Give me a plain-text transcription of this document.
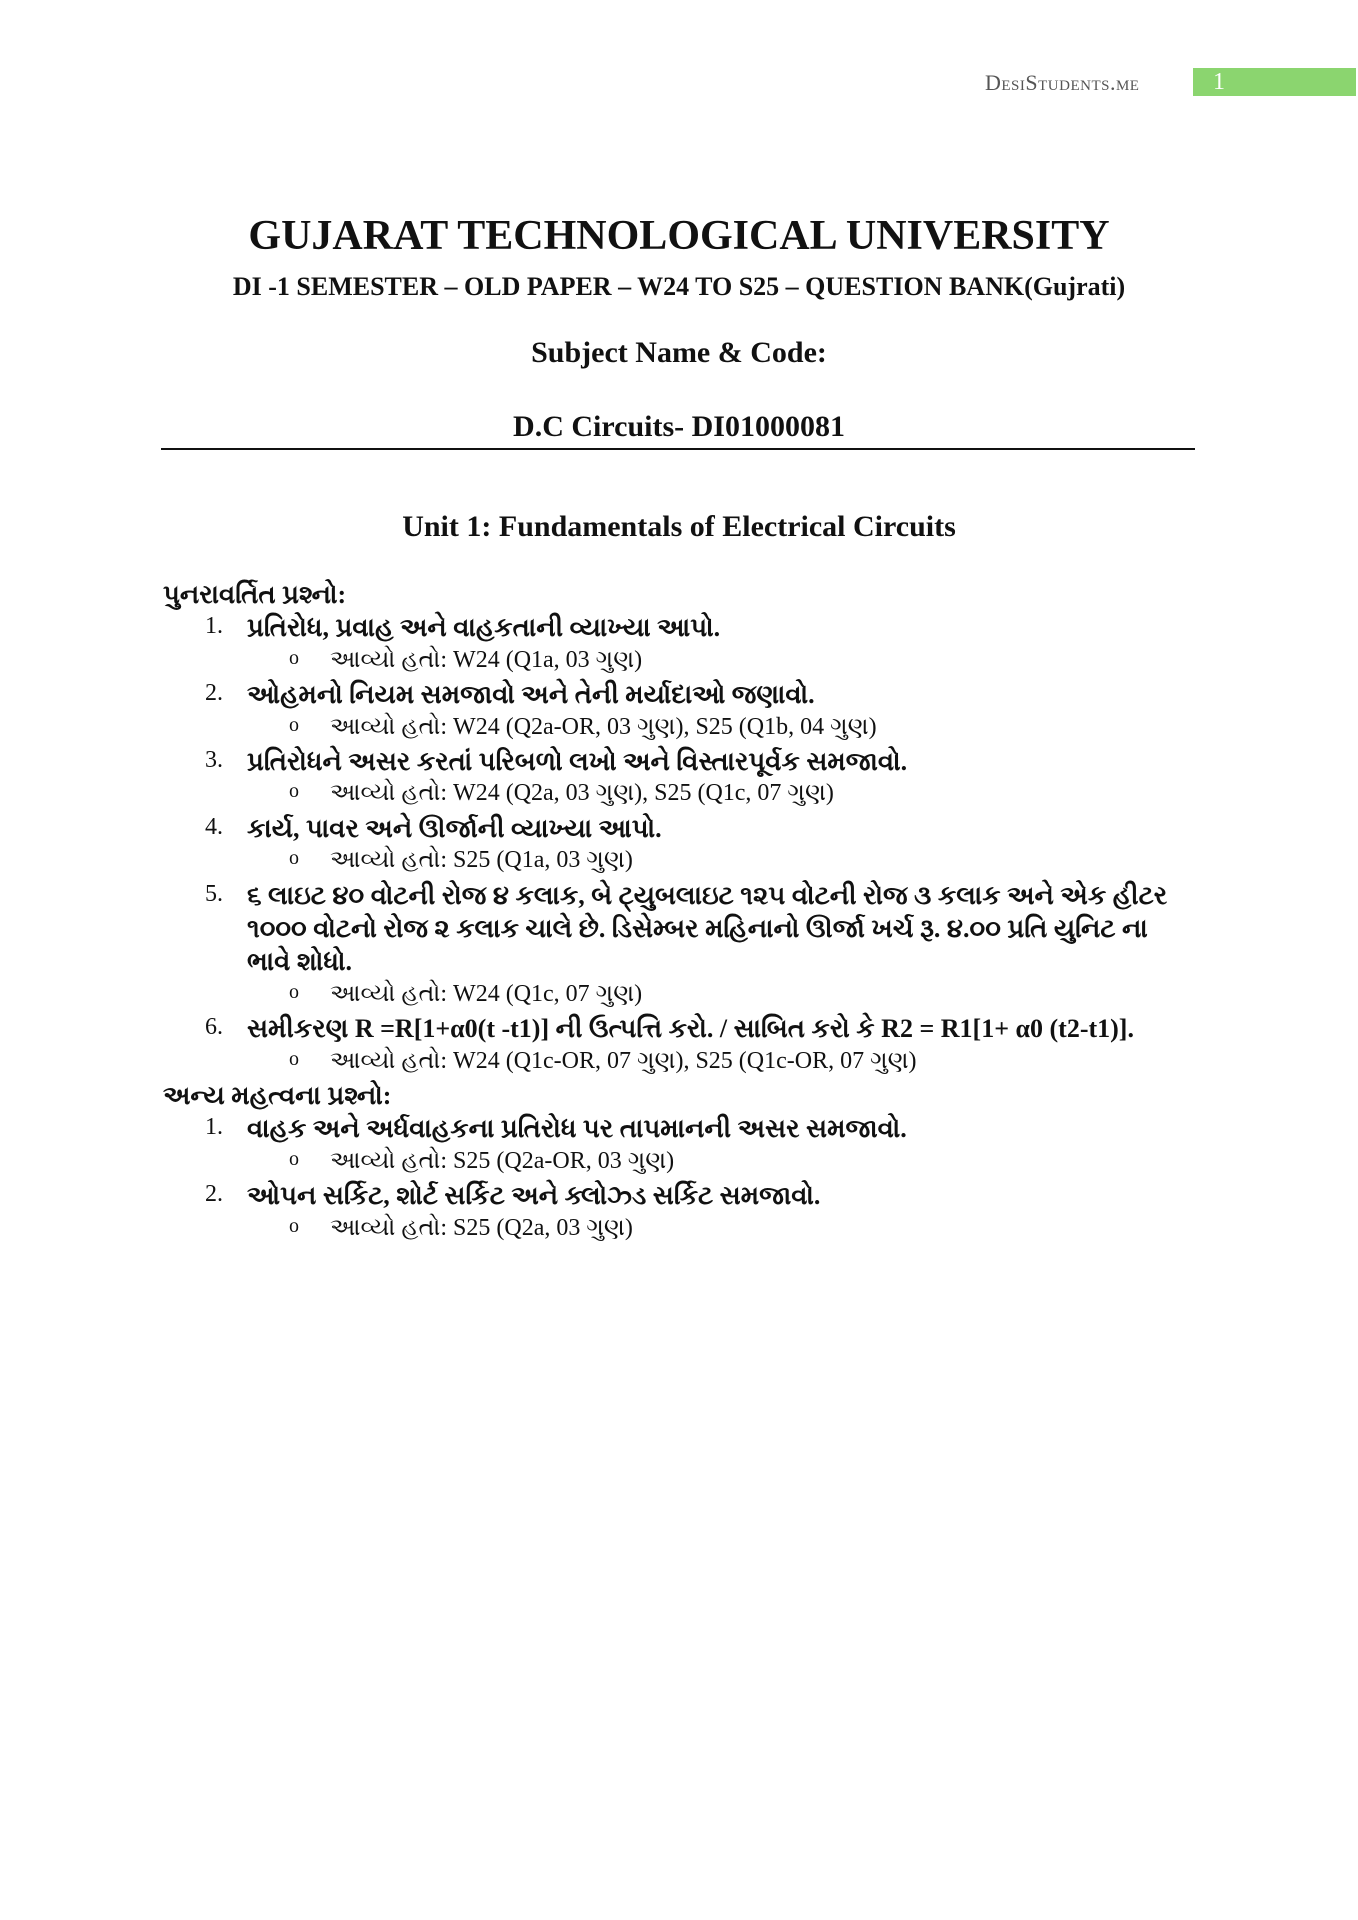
DesiStudents.me	1
GUJARAT TECHNOLOGICAL UNIVERSITY
DI -1 SEMESTER – OLD PAPER – W24 TO S25 – QUESTION BANK(Gujrati)
Subject Name & Code:
D.C Circuits- DI01000081
Unit 1: Fundamentals of Electrical Circuits
પુનરાવર્તિત પ્રશ્નો:
1. પ્રતિરોધ, પ્રવાહ અને વાહકતાની વ્યાખ્યા આપો.
o આવ્યો હતો: W24 (Q1a, 03 ગુણ)
2. ઓહમનો નિયમ સમજાવો અને તેની મર્યાદાઓ જણાવો.
o આવ્યો હતો: W24 (Q2a-OR, 03 ગુણ), S25 (Q1b, 04 ગુણ)
3. પ્રતિરોધને અસર કરતાં પરિબળો લખો અને વિસ્તારપૂર્વક સમજાવો.
o આવ્યો હતો: W24 (Q2a, 03 ગુણ), S25 (Q1c, 07 ગુણ)
4. કાર્ય, પાવર અને ઊર્જાની વ્યાખ્યા આપો.
o આવ્યો હતો: S25 (Q1a, 03 ગુણ)
5. ૬ લાઇટ ૪૦ વોટની રોજ ૪ કલાક, બે ટ્યુબલાઇટ ૧૨૫ વોટની રોજ ૩ કલાક અને એક હીટર
૧૦૦૦ વોટનો રોજ ૨ કલાક ચાલે છે. ડિસેમ્બર મહિનાનો ઊર્જા ખર્ચ રૂ. ૪.૦૦ પ્રતિ યુનિટ ના
ભાવે શોધો.
o આવ્યો હતો: W24 (Q1c, 07 ગુણ)
6. સમીકરણ R =R[1+α0(t -t1)] ની ઉત્પત્તિ કરો. / સાબિત કરો કે R2 = R1[1+ α0 (t2-t1)].
o આવ્યો હતો: W24 (Q1c-OR, 07 ગુણ), S25 (Q1c-OR, 07 ગુણ)
અન્ય મહત્વના પ્રશ્નો:
1. વાહક અને અર્ધવાહકના પ્રતિરોધ પર તાપમાનની અસર સમજાવો.
o આવ્યો હતો: S25 (Q2a-OR, 03 ગુણ)
2. ઓપન સર્કિટ, શોર્ટ સર્કિટ અને ક્લોઝ્ડ સર્કિટ સમજાવો.
o આવ્યો હતો: S25 (Q2a, 03 ગુણ)
